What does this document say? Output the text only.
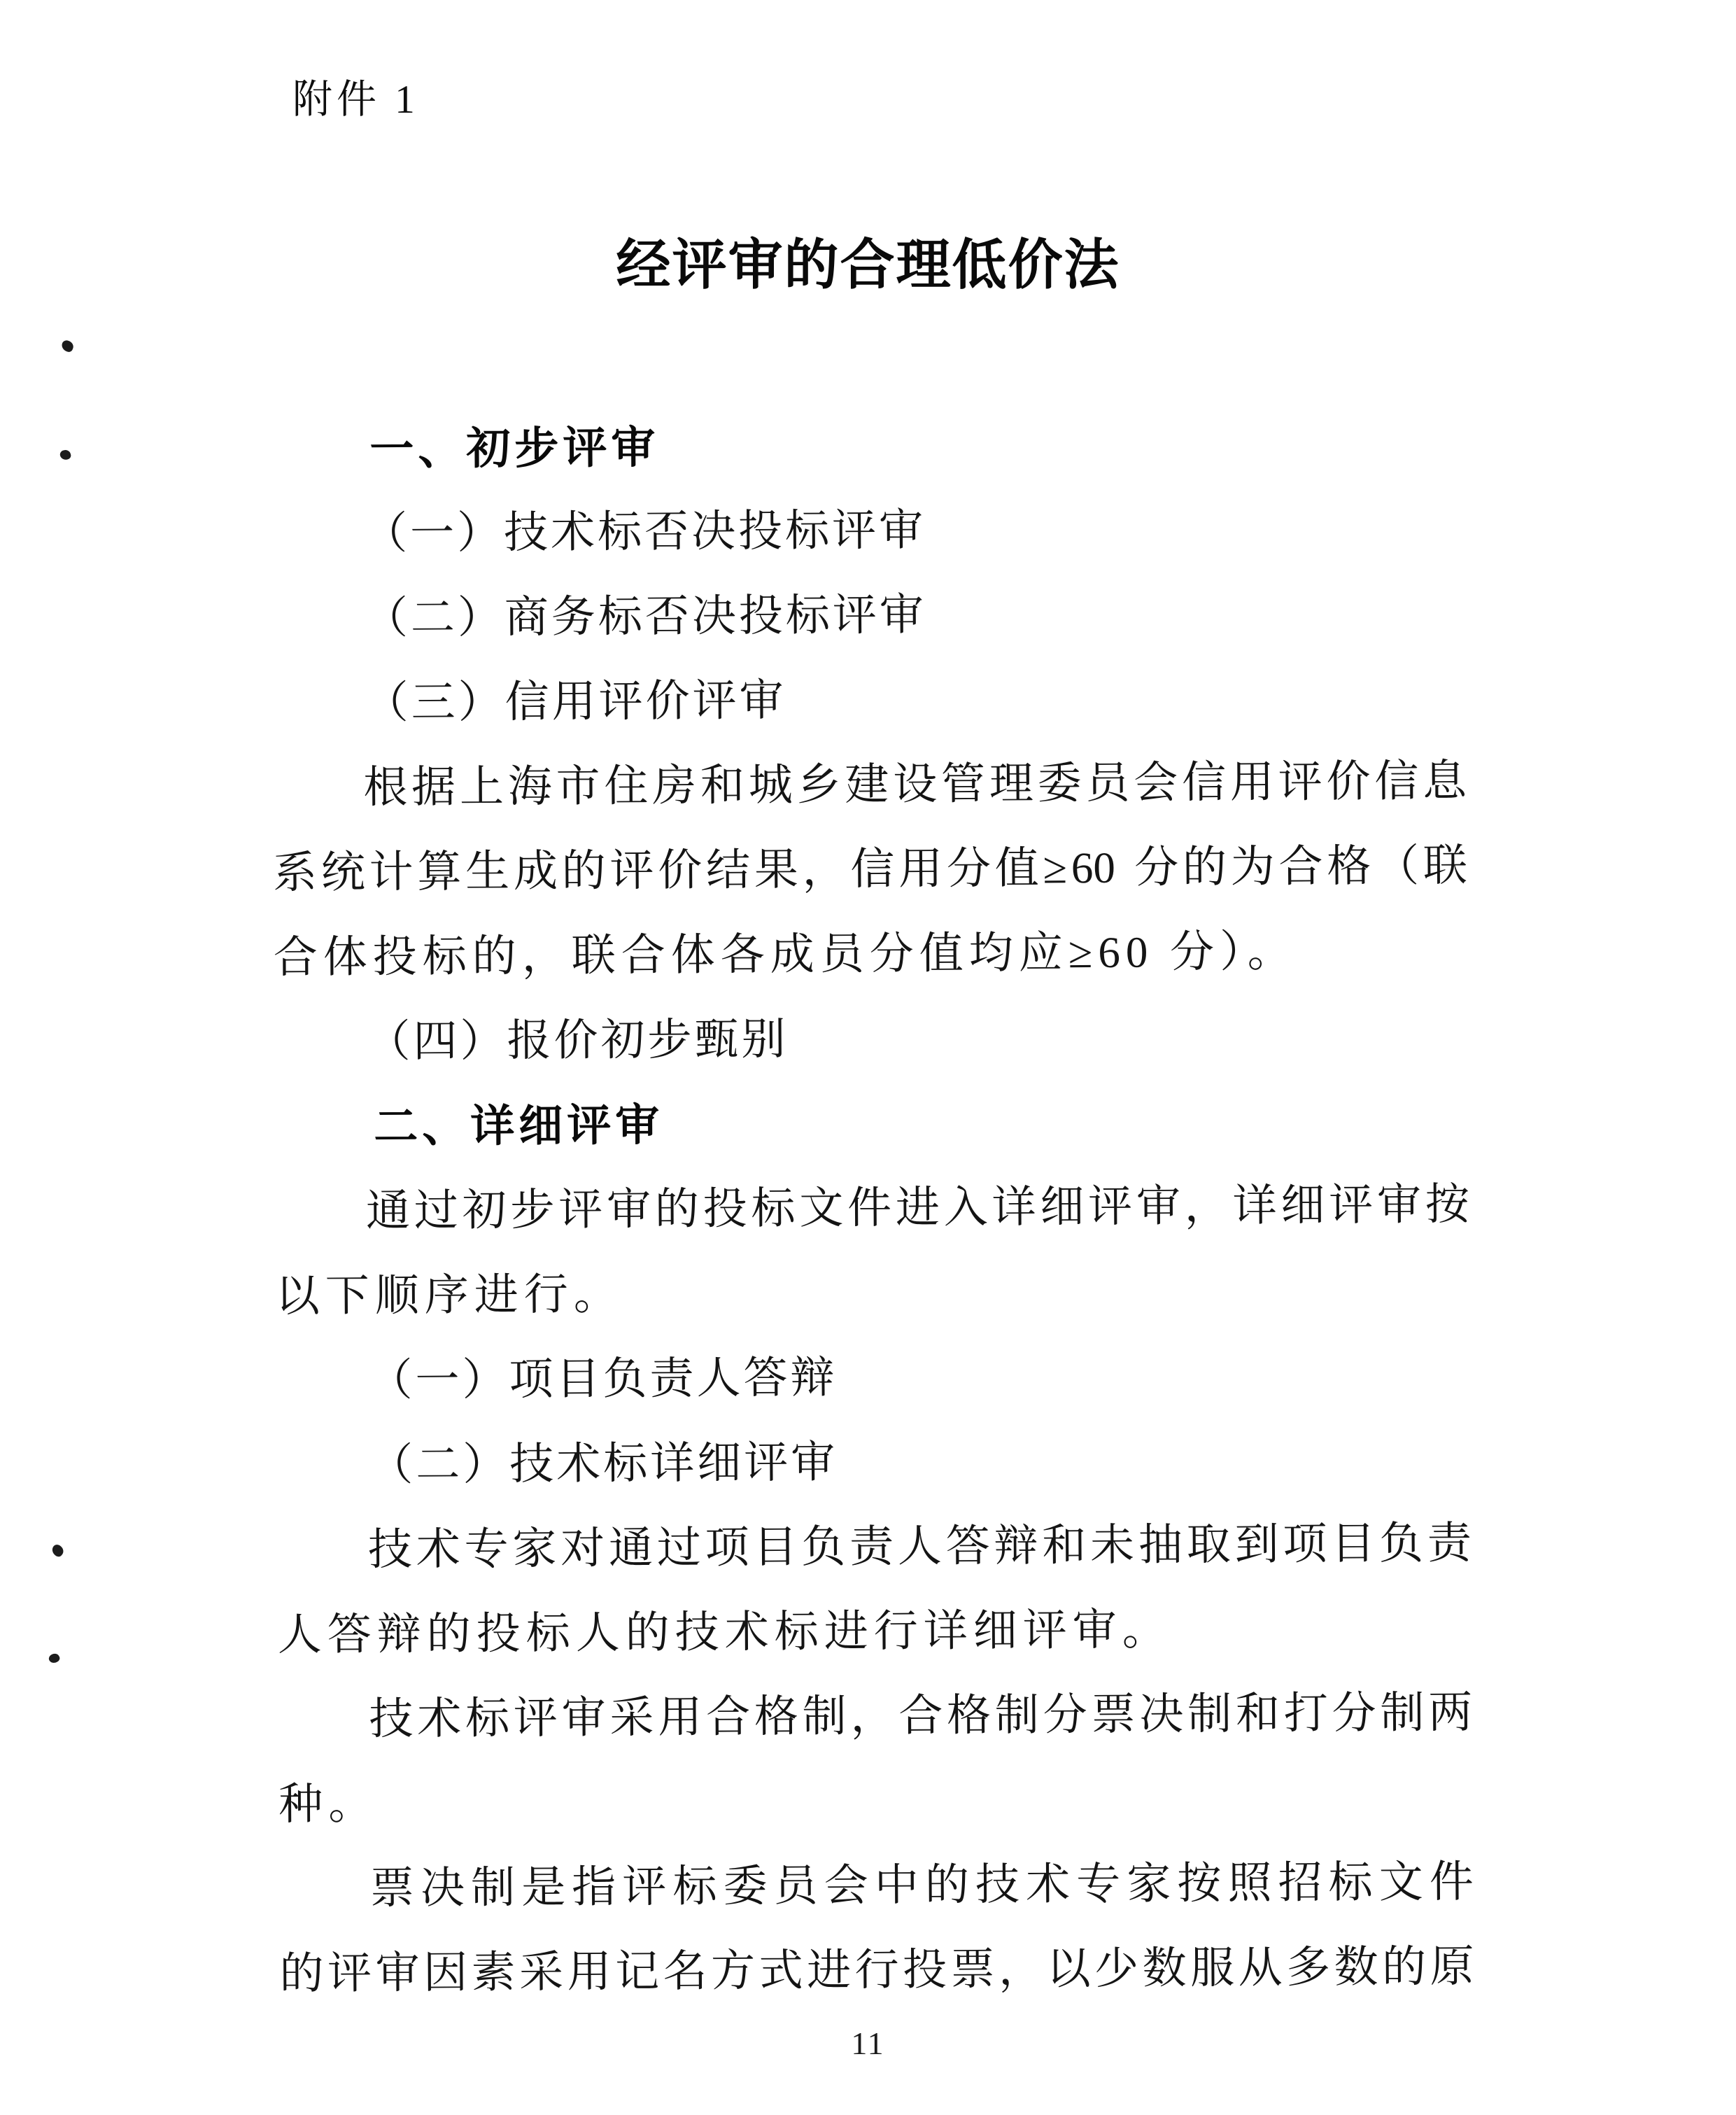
附件 1
经评审的合理低价法
一、初步评审
（一）技术标否决投标评审
（二）商务标否决投标评审
（三）信用评价评审
根 据 上 海 市 住 房 和 城 乡 建 设 管 理 委 员 会 信 用 评 价 信 息
系 统 计 算 生 成 的 评 价 结 果 ， 信 用 分 值 ≥ 60
分 的 为 合 格 （ 联
合体投标的，联合体各成员分值均应≥60 分）。
（四）报价初步甄别
二、详细评审
通 过 初 步 评 审 的 投 标 文 件 进 入 详 细 评 审 ， 详 细 评 审 按
以下顺序进行。
（一）项目负责人答辩
（二）技术标详细评审
技 术 专 家 对 通 过 项 目 负 责 人 答 辩 和 未 抽 取 到 项 目 负 责
人答辩的投标人的技术标进行详细评审。
技 术 标 评 审 采 用 合 格 制 ， 合 格 制 分 票 决 制 和 打 分 制 两
种。
票 决 制 是 指 评 标 委 员 会 中 的 技 术 专 家 按 照 招 标 文 件
的 评 审 因 素 采 用 记 名 方 式 进 行 投 票 ， 以 少 数 服 从 多 数 的 原
11
